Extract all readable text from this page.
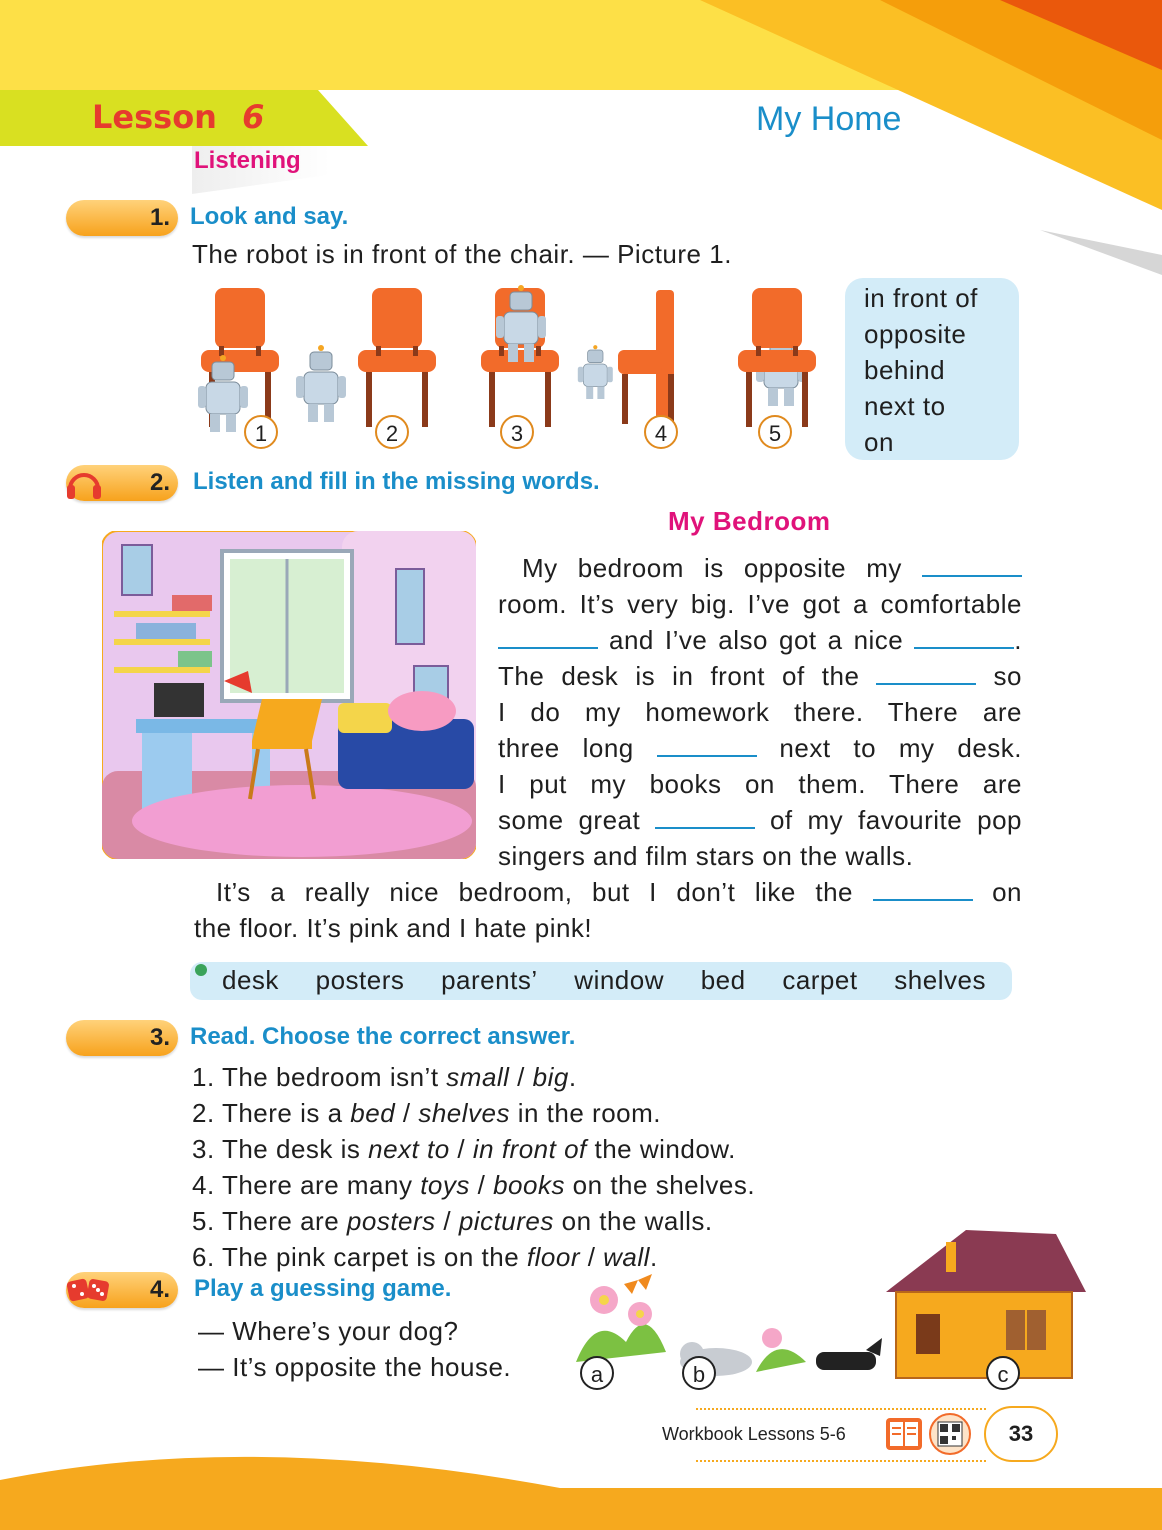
Lesson 6	My Home
Listening
1. Look and say.
The robot is in front of the chair. — Picture 1.
1	2	3	4	5
in front of
opposite
behind
next to
on
2. Listen and fill in the missing words.
My Bedroom
My bedroom is opposite my
room. It’s very big. I’ve got a comfortable
and I’ve also got a nice	.
The desk is in front of the	so
I do my homework there. There are
three long	next to my desk.
I put my books on them. There are
some great	of my favourite pop
singers and film stars on the walls.
It’s a really nice bedroom, but I don’t like the	on
the floor. It’s pink and I hate pink!
desk posters parents’ window bed carpet shelves
3. Read. Choose the correct answer.
1. The bedroom isn’t small / big.
2. There is a bed / shelves in the room.
3. The desk is next to / in front of the window.
4. There are many toys / books on the shelves.
5. There are posters / pictures on the walls.
6. The pink carpet is on the floor / wall.
4. Play a guessing game.
— Where’s your dog?
— It’s opposite the house.	a	b	c
Workbook Lessons 5-6	33
